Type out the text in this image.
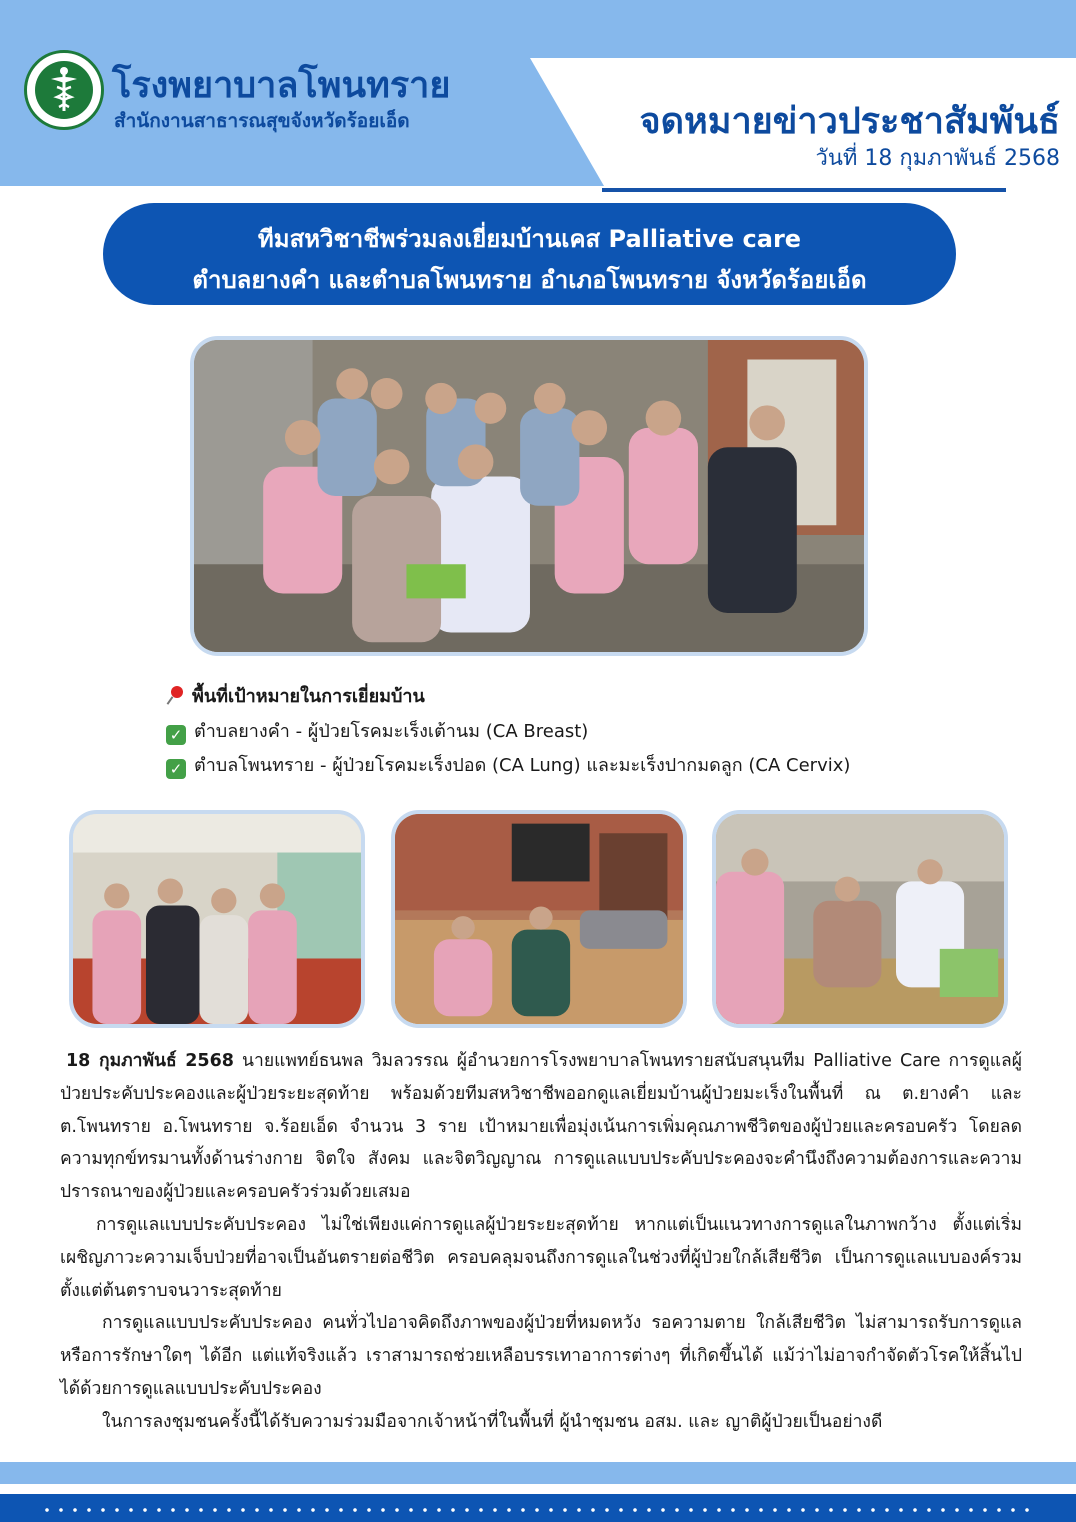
โรงพยาบาลโพนทราย
สำนักงานสาธารณสุขจังหวัดร้อยเอ็ด	จดหมายข่าวประชาสัมพันธ์
วันที่ 18 กุมภาพันธ์ 2568
ทีมสหวิชาชีพร่วมลงเยี่ยมบ้านเคส Palliative care
ตำบลยางคำ และตำบลโพนทราย อำเภอโพนทราย จังหวัดร้อยเอ็ด
พื้นที่เป้าหมายในการเยี่ยมบ้าน
✓ ตำบลยางคำ - ผู้ป่วยโรคมะเร็งเต้านม (CA Breast)
✓ ตำบลโพนทราย - ผู้ป่วยโรคมะเร็งปอด (CA Lung) และมะเร็งปากมดลูก (CA Cervix)

18 กุมภาพันธ์ 2568 นายแพทย์ธนพล วิมลวรรณ ผู้อำนวยการโรงพยาบาลโพนทรายสนับสนุนทีม Palliative Care การดูแลผู้ป่วยประคับประคองและผู้ป่วยระยะสุดท้าย พร้อมด้วยทีมสหวิชาชีพออกดูแลเยี่ยมบ้านผู้ป่วยมะเร็งในพื้นที่ ณ ต.ยางคำ และ ต.โพนทราย อ.โพนทราย จ.ร้อยเอ็ด จำนวน 3 ราย เป้าหมายเพื่อมุ่งเน้นการเพิ่มคุณภาพชีวิตของผู้ป่วยและครอบครัว โดยลดความทุกข์ทรมานทั้งด้านร่างกาย จิตใจ สังคม และจิตวิญญาณ การดูแลแบบประคับประคองจะคำนึงถึงความต้องการและความปรารถนาของผู้ป่วยและครอบครัวร่วมด้วยเสมอ

การดูแลแบบประคับประคอง ไม่ใช่เพียงแค่การดูแลผู้ป่วยระยะสุดท้าย หากแต่เป็นแนวทางการดูแลในภาพกว้าง ตั้งแต่เริ่มเผชิญภาวะความเจ็บป่วยที่อาจเป็นอันตรายต่อชีวิต ครอบคลุมจนถึงการดูแลในช่วงที่ผู้ป่วยใกล้เสียชีวิต เป็นการดูแลแบบองค์รวมตั้งแต่ต้นตราบจนวาระสุดท้าย

การดูแลแบบประคับประคอง คนทั่วไปอาจคิดถึงภาพของผู้ป่วยที่หมดหวัง รอความตาย ใกล้เสียชีวิต ไม่สามารถรับการดูแล หรือการรักษาใดๆ ได้อีก แต่แท้จริงแล้ว เราสามารถช่วยเหลือบรรเทาอาการต่างๆ ที่เกิดขึ้นได้ แม้ว่าไม่อาจกำจัดตัวโรคให้สิ้นไปได้ด้วยการดูแลแบบประคับประคอง

ในการลงชุมชนครั้งนี้ได้รับความร่วมมือจากเจ้าหน้าที่ในพื้นที่ ผู้นำชุมชน อสม. และ ญาติผู้ป่วยเป็นอย่างดี
